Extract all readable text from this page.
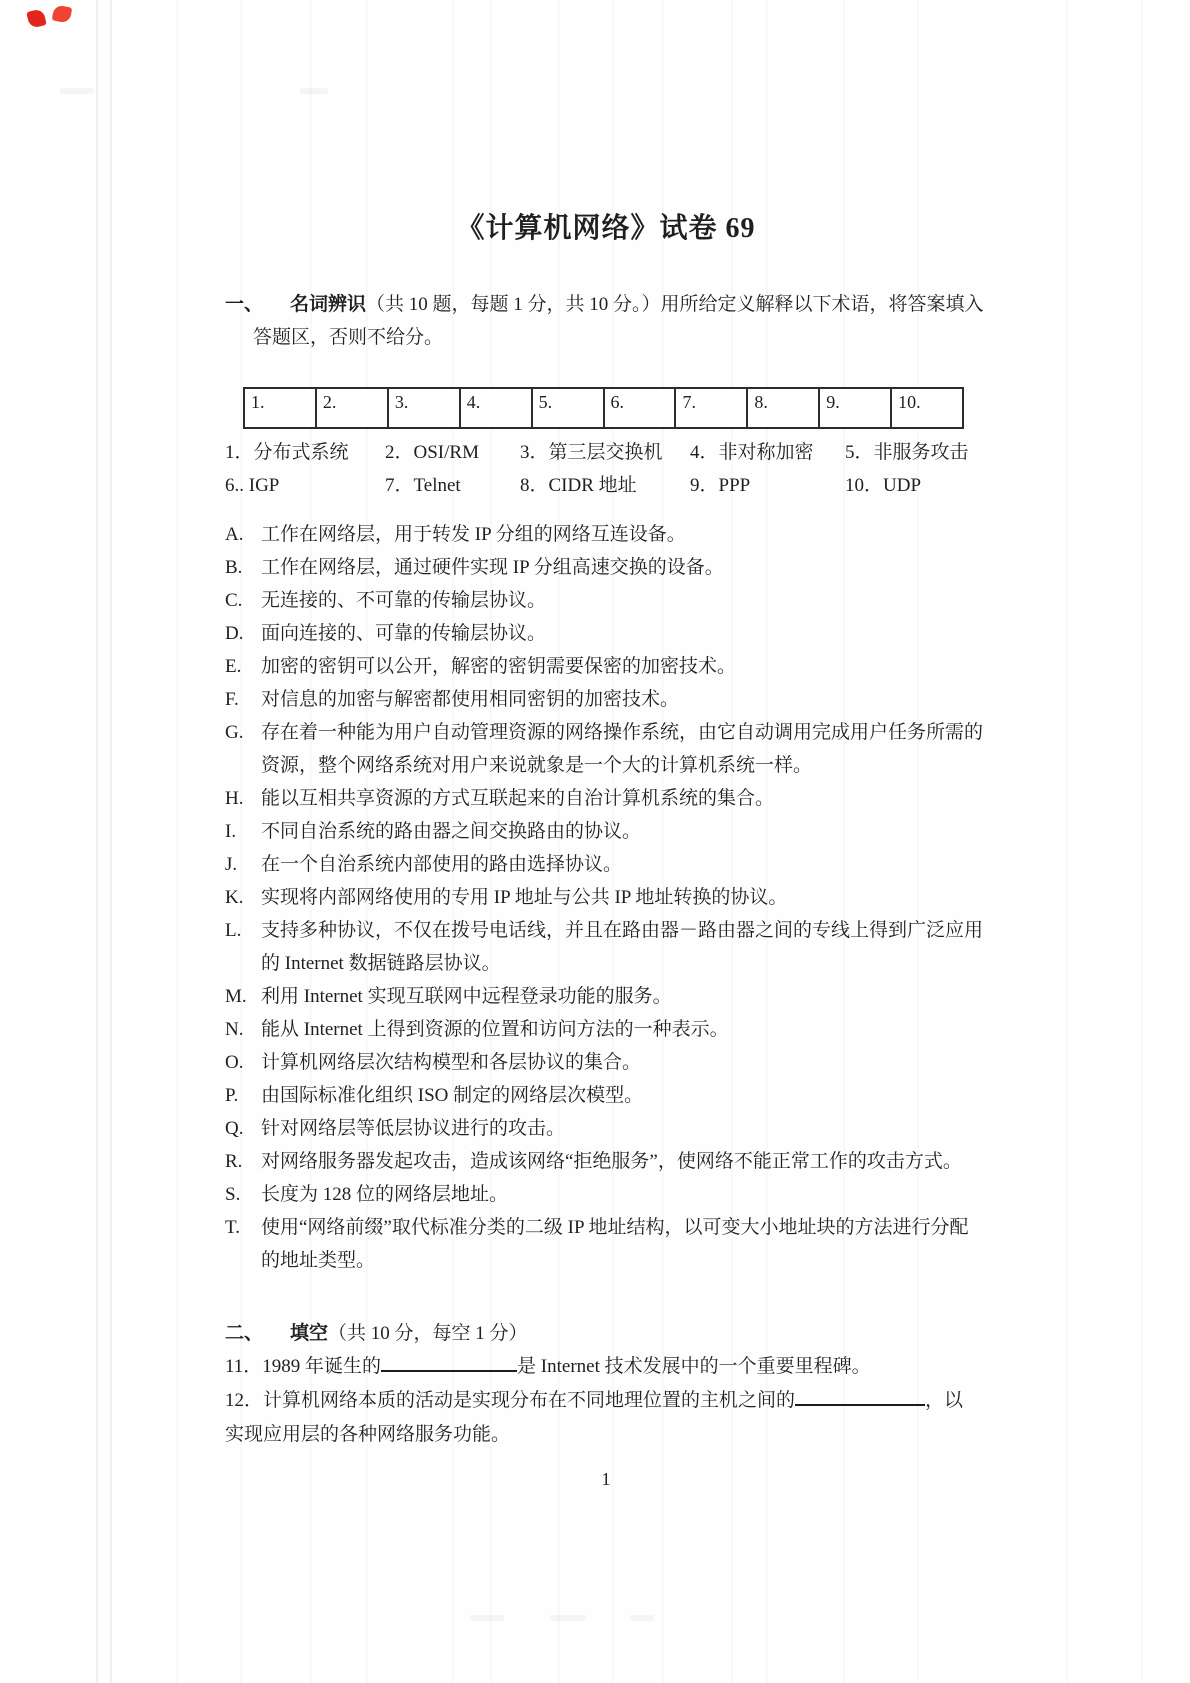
《计算机网络》试卷 69
一、 名词辨识（共 10 题，每题 1 分，共 10 分。）用所给定义解释以下术语，将答案填入
答题区，否则不给分。
1.	2.	3.	4.	5.	6.	7.	8.	9.	10.
1．分布式系统	2．OSI/RM	3．第三层交换机	4．非对称加密	5．非服务攻击
6.. IGP	7．Telnet	8．CIDR 地址	9．PPP	10．UDP
A. 工作在网络层，用于转发 IP 分组的网络互连设备。
B. 工作在网络层，通过硬件实现 IP 分组高速交换的设备。
C. 无连接的、不可靠的传输层协议。
D. 面向连接的、可靠的传输层协议。
E.	加密的密钥可以公开，解密的密钥需要保密的加密技术。
F.	对信息的加密与解密都使用相同密钥的加密技术。
G. 存在着一种能为用户自动管理资源的网络操作系统，由它自动调用完成用户任务所需的资源，整个网络系统对用户来说就象是一个大的计算机系统一样。
H. 能以互相共享资源的方式互联起来的自治计算机系统的集合。
I.	不同自治系统的路由器之间交换路由的协议。
J.	在一个自治系统内部使用的路由选择协议。
K. 实现将内部网络使用的专用 IP 地址与公共 IP 地址转换的协议。
L.	支持多种协议，不仅在拨号电话线，并且在路由器－路由器之间的专线上得到广泛应用的 Internet 数据链路层协议。
M. 利用 Internet 实现互联网中远程登录功能的服务。
N. 能从 Internet 上得到资源的位置和访问方法的一种表示。
O. 计算机网络层次结构模型和各层协议的集合。
P.	由国际标准化组织 ISO 制定的网络层次模型。
Q. 针对网络层等低层协议进行的攻击。
R. 对网络服务器发起攻击，造成该网络“拒绝服务”，使网络不能正常工作的攻击方式。
S.	长度为 128 位的网络层地址。
T.	使用“网络前缀”取代标准分类的二级 IP 地址结构，以可变大小地址块的方法进行分配的地址类型。
二、 填空（共 10 分，每空 1 分）
11．1989 年诞生的	是 Internet 技术发展中的一个重要里程碑。
12．计算机网络本质的活动是实现分布在不同地理位置的主机之间的	，以
实现应用层的各种网络服务功能。
1
